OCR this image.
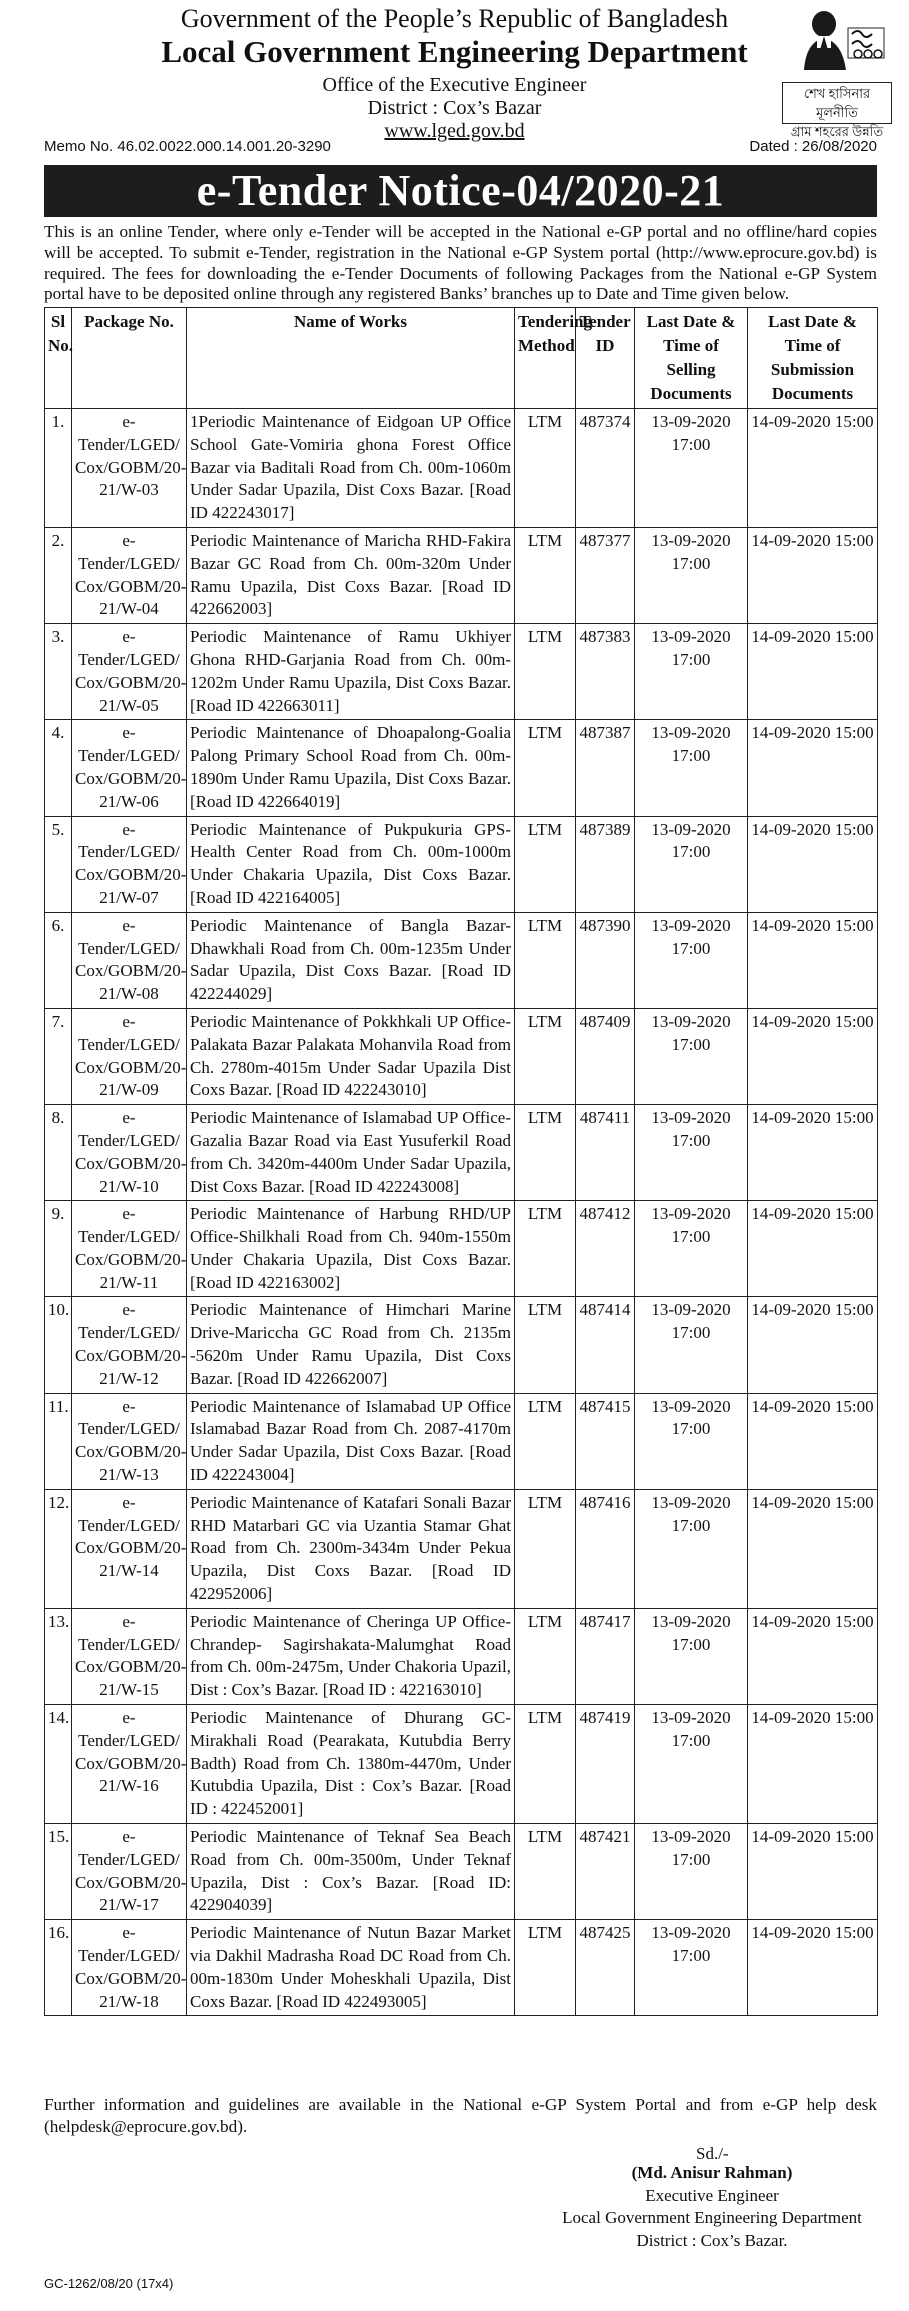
Government of the People’s Republic of Bangladesh
Local Government Engineering Department
Office of the Executive Engineer
District : Cox’s Bazar
www.lged.gov.bd
Memo No. 46.02.0022.000.14.001.20-3290	Dated : 26/08/2020
শেখ হাসিনার মূলনীতি
গ্রাম শহরের উন্নতি
e-Tender Notice-04/2020-21
This is an online Tender, where only e-Tender will be accepted in the National e-GP portal and no offline/hard copies will be accepted. To submit e-Tender, registration in the National e-GP System portal (http://www.eprocure.gov.bd) is required. The fees for downloading the e-Tender Documents of following Packages from the National e-GP System portal have to be deposited online through any registered Banks’ branches up to Date and Time given below.
Sl No.	Package No.	Name of Works	Tendering Method	Tender ID	Last Date & Time of Selling Documents	Last Date & Time of Submission Documents
1.	e-Tender/LGED/ Cox/GOBM/20-21/W-03	1Periodic Maintenance of Eidgoan UP Office School Gate-Vomiria ghona Forest Office Bazar via Baditali Road from Ch. 00m-1060m Under Sadar Upazila, Dist Coxs Bazar. [Road ID 422243017]	LTM	487374	13-09-2020 17:00	14-09-2020 15:00
2.	e-Tender/LGED/ Cox/GOBM/20-21/W-04	Periodic Maintenance of Maricha RHD-Fakira Bazar GC Road from Ch. 00m-320m Under Ramu Upazila, Dist Coxs Bazar. [Road ID 422662003]	LTM	487377	13-09-2020 17:00	14-09-2020 15:00
3.	e-Tender/LGED/ Cox/GOBM/20-21/W-05	Periodic Maintenance of Ramu Ukhiyer Ghona RHD-Garjania Road from Ch. 00m-1202m Under Ramu Upazila, Dist Coxs Bazar. [Road ID 422663011]	LTM	487383	13-09-2020 17:00	14-09-2020 15:00
4.	e-Tender/LGED/ Cox/GOBM/20-21/W-06	Periodic Maintenance of Dhoapalong-Goalia Palong Primary School Road from Ch. 00m-1890m Under Ramu Upazila, Dist Coxs Bazar. [Road ID 422664019]	LTM	487387	13-09-2020 17:00	14-09-2020 15:00
5.	e-Tender/LGED/ Cox/GOBM/20-21/W-07	Periodic Maintenance of Pukpukuria GPS-Health Center Road from Ch. 00m-1000m Under Chakaria Upazila, Dist Coxs Bazar. [Road ID 422164005]	LTM	487389	13-09-2020 17:00	14-09-2020 15:00
6.	e-Tender/LGED/ Cox/GOBM/20-21/W-08	Periodic Maintenance of Bangla Bazar-Dhawkhali Road from Ch. 00m-1235m Under Sadar Upazila, Dist Coxs Bazar. [Road ID 422244029]	LTM	487390	13-09-2020 17:00	14-09-2020 15:00
7.	e-Tender/LGED/ Cox/GOBM/20-21/W-09	Periodic Maintenance of Pokkhkali UP Office-Palakata Bazar Palakata Mohanvila Road from Ch. 2780m-4015m Under Sadar Upazila Dist Coxs Bazar. [Road ID 422243010]	LTM	487409	13-09-2020 17:00	14-09-2020 15:00
8.	e-Tender/LGED/ Cox/GOBM/20-21/W-10	Periodic Maintenance of Islamabad UP Office-Gazalia Bazar Road via East Yusuferkil Road from Ch. 3420m-4400m Under Sadar Upazila, Dist Coxs Bazar. [Road ID 422243008]	LTM	487411	13-09-2020 17:00	14-09-2020 15:00
9.	e-Tender/LGED/ Cox/GOBM/20-21/W-11	Periodic Maintenance of Harbung RHD/UP Office-Shilkhali Road from Ch. 940m-1550m Under Chakaria Upazila, Dist Coxs Bazar. [Road ID 422163002]	LTM	487412	13-09-2020 17:00	14-09-2020 15:00
10.	e-Tender/LGED/ Cox/GOBM/20-21/W-12	Periodic Maintenance of Himchari Marine Drive-Mariccha GC Road from Ch. 2135m -5620m Under Ramu Upazila, Dist Coxs Bazar. [Road ID 422662007]	LTM	487414	13-09-2020 17:00	14-09-2020 15:00
11.	e-Tender/LGED/ Cox/GOBM/20-21/W-13	Periodic Maintenance of Islamabad UP Office Islamabad Bazar Road from Ch. 2087-4170m Under Sadar Upazila, Dist Coxs Bazar. [Road ID 422243004]	LTM	487415	13-09-2020 17:00	14-09-2020 15:00
12.	e-Tender/LGED/ Cox/GOBM/20-21/W-14	Periodic Maintenance of Katafari Sonali Bazar RHD Matarbari GC via Uzantia Stamar Ghat Road from Ch. 2300m-3434m Under Pekua Upazila, Dist Coxs Bazar. [Road ID 422952006]	LTM	487416	13-09-2020 17:00	14-09-2020 15:00
13.	e-Tender/LGED/ Cox/GOBM/20-21/W-15	Periodic Maintenance of Cheringa UP Office-Chrandep- Sagirshakata-Malumghat Road from Ch. 00m-2475m, Under Chakoria Upazil, Dist : Cox’s Bazar. [Road ID : 422163010]	LTM	487417	13-09-2020 17:00	14-09-2020 15:00
14.	e-Tender/LGED/ Cox/GOBM/20-21/W-16	Periodic Maintenance of Dhurang GC-Mirakhali Road (Pearakata, Kutubdia Berry Badth) Road from Ch. 1380m-4470m, Under Kutubdia Upazila, Dist : Cox’s Bazar. [Road ID : 422452001]	LTM	487419	13-09-2020 17:00	14-09-2020 15:00
15.	e-Tender/LGED/ Cox/GOBM/20-21/W-17	Periodic Maintenance of Teknaf Sea Beach Road from Ch. 00m-3500m, Under Teknaf Upazila, Dist : Cox’s Bazar. [Road ID: 422904039]	LTM	487421	13-09-2020 17:00	14-09-2020 15:00
16.	e-Tender/LGED/ Cox/GOBM/20-21/W-18	Periodic Maintenance of Nutun Bazar Market via Dakhil Madrasha Road DC Road from Ch. 00m-1830m Under Moheskhali Upazila, Dist Coxs Bazar. [Road ID 422493005]	LTM	487425	13-09-2020 17:00	14-09-2020 15:00
Further information and guidelines are available in the National e-GP System Portal and from e-GP help desk (helpdesk@eprocure.gov.bd).
Sd./-
(Md. Anisur Rahman)
Executive Engineer
Local Government Engineering Department
District : Cox’s Bazar.
GC-1262/08/20 (17x4)
